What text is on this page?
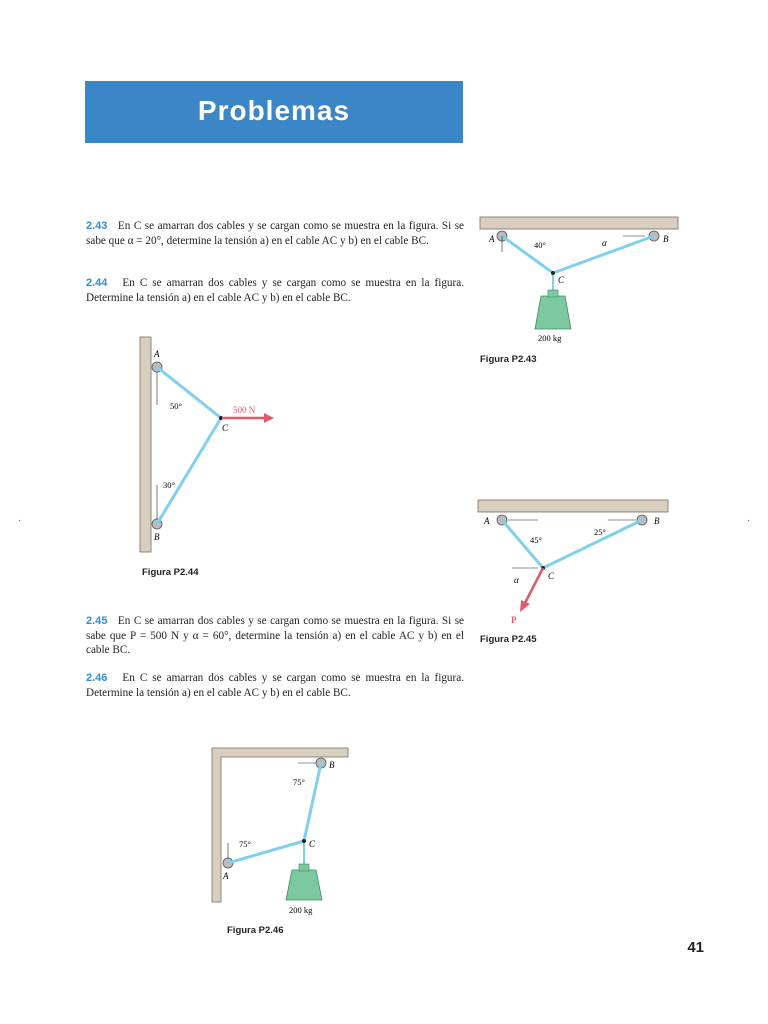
Problemas
2.43 En C se amarran dos cables y se cargan como se muestra en la figura. Si se sabe que α = 20°, determine la tensión a) en el cable AC y b) en el cable BC.
2.44 En C se amarran dos cables y se cargan como se muestra en la figura. Determine la tensión a) en el cable AC y b) en el cable BC.
2.45 En C se amarran dos cables y se cargan como se muestra en la figura. Si se sabe que P = 500 N y α = 60°, determine la tensión a) en el cable AC y b) en el cable BC.
2.46 En C se amarran dos cables y se cargan como se muestra en la figura. Determine la tensión a) en el cable AC y b) en el cable BC.
A	B
C
40°	α
200 kg
Figura P2.43
A
B
C
50°
30°
500 N
Figura P2.44
A	B
C
45°
25°
α
P
Figura P2.45
B
A
C
75°
75°
200 kg
Figura P2.46
·	·
41
